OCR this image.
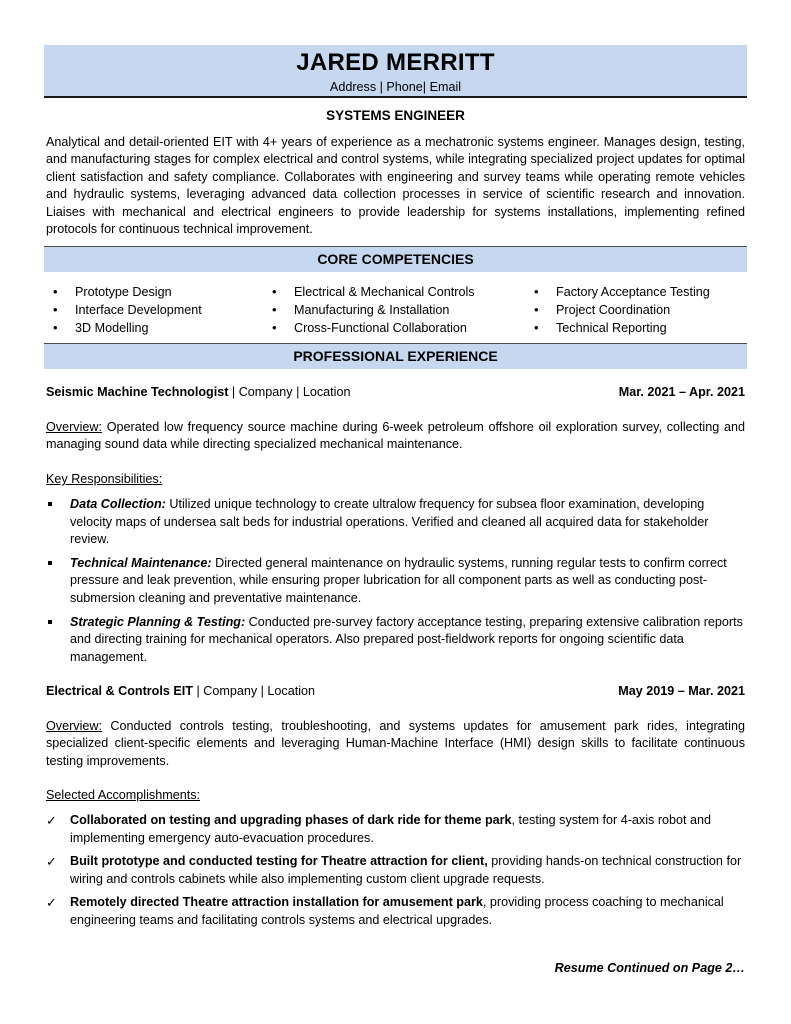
JARED MERRITT
Address | Phone| Email
SYSTEMS ENGINEER
Analytical and detail-oriented EIT with 4+ years of experience as a mechatronic systems engineer. Manages design, testing, and manufacturing stages for complex electrical and control systems, while integrating specialized project updates for optimal client satisfaction and safety compliance. Collaborates with engineering and survey teams while operating remote vehicles and hydraulic systems, leveraging advanced data collection processes in service of scientific research and innovation. Liaises with mechanical and electrical engineers to provide leadership for systems installations, implementing refined protocols for continuous technical improvement.
CORE COMPETENCIES
• Prototype Design
• Interface Development
• 3D Modelling
• Electrical & Mechanical Controls
• Manufacturing & Installation
• Cross-Functional Collaboration
• Factory Acceptance Testing
• Project Coordination
• Technical Reporting
PROFESSIONAL EXPERIENCE
Seismic Machine Technologist | Company | Location	Mar. 2021 – Apr. 2021
Overview: Operated low frequency source machine during 6-week petroleum offshore oil exploration survey, collecting and managing sound data while directing specialized mechanical maintenance.
Key Responsibilities:
Data Collection: Utilized unique technology to create ultralow frequency for subsea floor examination, developing velocity maps of undersea salt beds for industrial operations. Verified and cleaned all acquired data for stakeholder review.
Technical Maintenance: Directed general maintenance on hydraulic systems, running regular tests to confirm correct pressure and leak prevention, while ensuring proper lubrication for all component parts as well as conducting post-submersion cleaning and preventative maintenance.
Strategic Planning & Testing: Conducted pre-survey factory acceptance testing, preparing extensive calibration reports and directing training for mechanical operators. Also prepared post-fieldwork reports for ongoing scientific data management.
Electrical & Controls EIT | Company | Location	May 2019 – Mar. 2021
Overview: Conducted controls testing, troubleshooting, and systems updates for amusement park rides, integrating specialized client-specific elements and leveraging Human-Machine Interface (HMI) design skills to facilitate continuous testing improvements.
Selected Accomplishments:
✓ Collaborated on testing and upgrading phases of dark ride for theme park, testing system for 4-axis robot and implementing emergency auto-evacuation procedures.
✓ Built prototype and conducted testing for Theatre attraction for client, providing hands-on technical construction for wiring and controls cabinets while also implementing custom client upgrade requests.
✓ Remotely directed Theatre attraction installation for amusement park, providing process coaching to mechanical engineering teams and facilitating controls systems and electrical upgrades.
Resume Continued on Page 2…
